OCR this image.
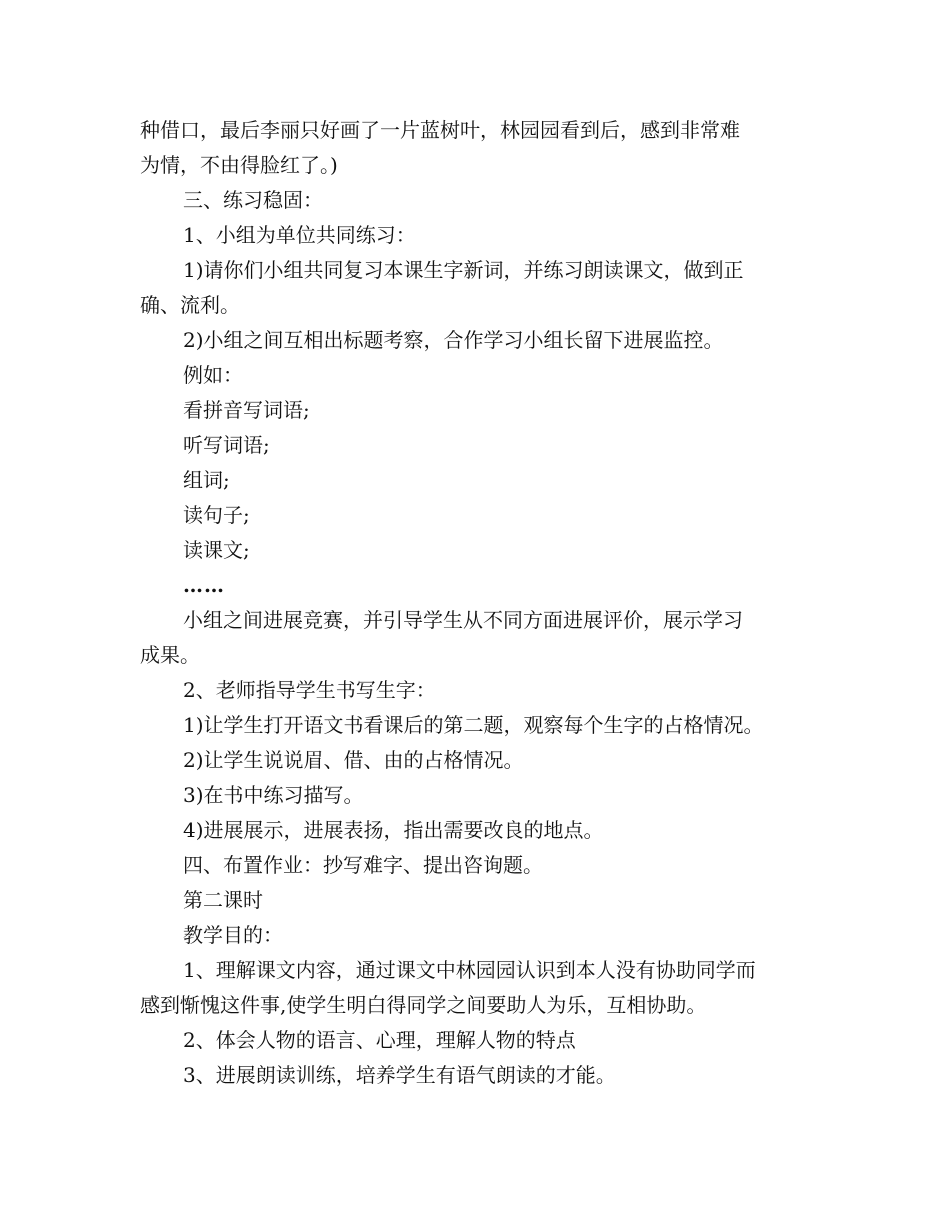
种借口，最后李丽只好画了一片蓝树叶，林园园看到后，感到非常难
为情，不由得脸红了。)
三、练习稳固：
1、小组为单位共同练习：
1)请你们小组共同复习本课生字新词，并练习朗读课文，做到正
确、流利。
2)小组之间互相出标题考察，合作学习小组长留下进展监控。
例如：
看拼音写词语;
听写词语;
组词;
读句子;
读课文;
……
小组之间进展竞赛，并引导学生从不同方面进展评价，展示学习
成果。
2、老师指导学生书写生字：
1)让学生打开语文书看课后的第二题，观察每个生字的占格情况。
2)让学生说说眉、借、由的占格情况。
3)在书中练习描写。
4)进展展示，进展表扬，指出需要改良的地点。
四、布置作业：抄写难字、提出咨询题。
第二课时
教学目的：
1、理解课文内容，通过课文中林园园认识到本人没有协助同学而
感到惭愧这件事,使学生明白得同学之间要助人为乐，互相协助。
2、体会人物的语言、心理，理解人物的特点
3、进展朗读训练，培养学生有语气朗读的才能。
